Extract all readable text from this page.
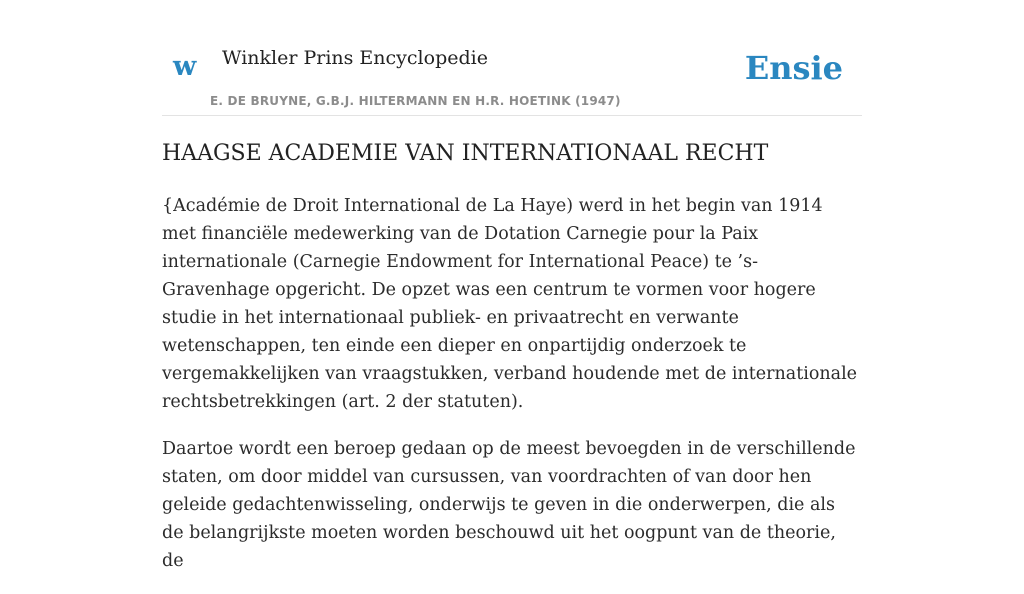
w Winkler Prins Encyclopedie
E. DE BRUYNE, G.B.J. HILTERMANN EN H.R. HOETINK (1947)
Ensie
HAAGSE ACADEMIE VAN INTERNATIONAAL RECHT

{Académie de Droit International de La Haye) werd in het begin van 1914 met financiële medewerking van de Dotation Carnegie pour la Paix internationale (Carnegie Endowment for International Peace) te ’s-Gravenhage opgericht. De opzet was een centrum te vormen voor hogere studie in het internationaal publiek- en privaatrecht en verwante wetenschappen, ten einde een dieper en onpartijdig onderzoek te vergemakkelijken van vraagstukken, verband houdende met de internationale rechtsbetrekkingen (art. 2 der statuten).

Daartoe wordt een beroep gedaan op de meest bevoegden in de verschillende staten, om door middel van cursussen, van voordrachten of van door hen geleide gedachtenwisseling, onderwijs te geven in die onderwerpen, die als de belangrijkste moeten worden beschouwd uit het oogpunt van de theorie, de
